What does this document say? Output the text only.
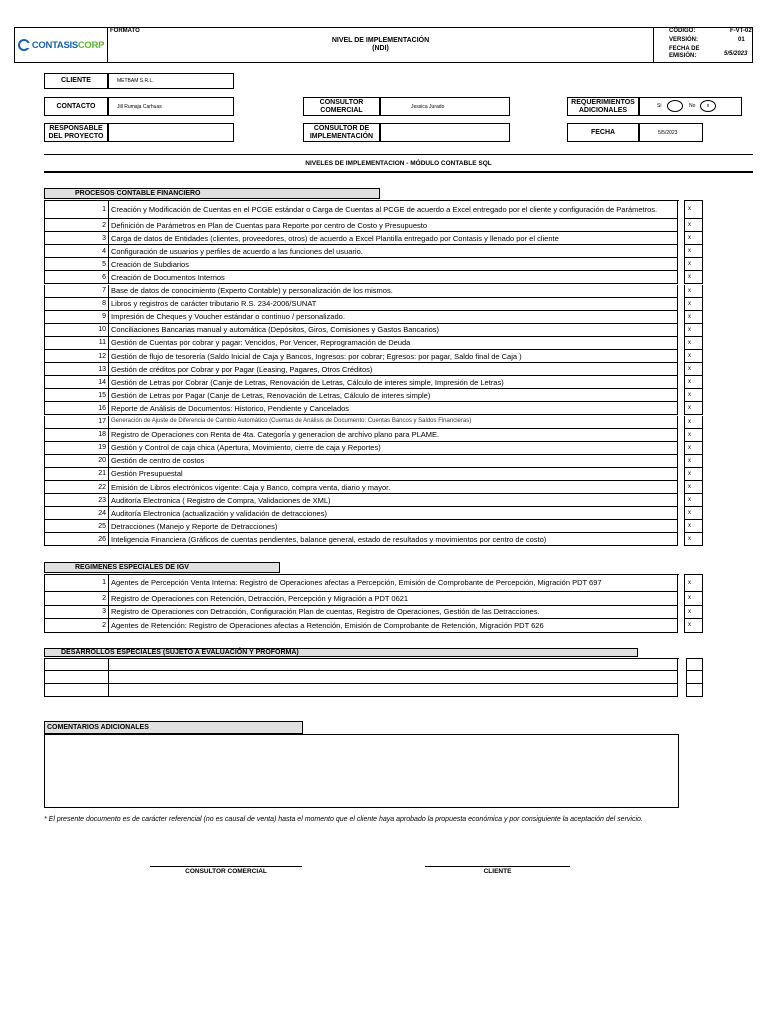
CONTASISCORP
FORMATO
NIVEL DE IMPLEMENTACIÓN
(NDI)
CÓDIGO:	F-VT-02
VERSIÓN:	01
FECHA DE EMISIÓN:	5/5/2023
CLIENTE	METBAM S.R.L.
CONTACTO	Jill Rumaja Carhuas
RESPONSABLE DEL PROYECTO
CONSULTOR COMERCIAL	Jessica Jurado
CONSULTOR DE IMPLEMENTACIÓN
REQUERIMIENTOS ADICIONALES
Si	No x
FECHA	5/5/2023
NIVELES DE IMPLEMENTACION - MÓDULO CONTABLE SQL
PROCESOS CONTABLE FINANCIERO
1 Creación y Modificación de Cuentas en el PCGE estándar o Carga de Cuentas al PCGE de acuerdo a Excel entregado por el cliente y configuración de Parámetros.	x
2 Definición de Parámetros en Plan de Cuentas para Reporte por centro de Costo y Presupuesto	x
3 Carga de datos de Entidades (clientes, proveedores, otros) de acuerdo a Excel Plantilla entregado por Contasis y llenado por el cliente	x
4 Configuración de usuarios y perfiles de acuerdo a las funciones del usuario.	x
5 Creación de Subdiarios	x
6 Creación de Documentos Internos	x
7 Base de datos de conocimiento (Experto Contable) y personalización de los mismos.	x
8 Libros y registros de carácter tributario R.S. 234-2006/SUNAT	x
9 Impresión de Cheques y Voucher estándar o continuo / personalizado.	x
10 Conciliaciones Bancarias manual y automática (Depósitos, Giros, Comisiones y Gastos Bancarios)	x
11 Gestión de Cuentas por cobrar y pagar: Vencidos, Por Vencer, Reprogramación de Deuda	x
12 Gestión de flujo de tesorería (Saldo Inicial de Caja y Bancos, Ingresos: por cobrar; Egresos: por pagar, Saldo final de Caja )	x
13 Gestión de créditos por Cobrar y por Pagar (Leasing, Pagares, Otros Créditos)	x
14 Gestión de Letras por Cobrar (Canje de Letras, Renovación de Letras, Cálculo de interes simple, Impresión de Letras)	x
15 Gestión de Letras por Pagar (Canje de Letras, Renovación de Letras, Cálculo de interes simple)	x
16 Reporte de Análisis de Documentos: Historico, Pendiente y Cancelados	x
17 Generación de Ajuste de Diferencia de Cambio Automático (Cuentas de Análisis de Documento: Cuentas Bancos y Saldos Financieras)	x
18 Registro de Operaciones con Renta de 4ta. Categoría y generacion de archivo plano para PLAME.	x
19 Gestión y Control de caja chica (Apertura, Movimiento, cierre de caja y Reportes)	x
20 Gestión de centro de costos	x
21 Gestión Presupuestal	x
22 Emisión de Libros electrónicos vigente: Caja y Banco, compra venta, diario y mayor.	x
23 Auditoría Electronica ( Registro de Compra, Validaciones de XML)	x
24 Auditoría Electronica (actualización y validación de detracciones)	x
25 Detracciones (Manejo y Reporte de Detracciones)	x
26 Inteligencia Financiera (Gráficos de cuentas pendientes, balance general, estado de resultados y movimientos por centro de costo)	x
REGIMENES ESPECIALES DE IGV
1 Agentes de Percepción Venta Interna: Registro de Operaciones afectas a Percepción, Emisión de Comprobante de Percepción, Migración PDT 697	x
2 Registro de Operaciones con Retención, Detracción, Percepción y Migración a PDT 0621	x
3 Registro de Operaciones con Detracción, Configuración Plan de cuentas, Registro de Operaciones, Gestión de las Detracciones.	x
2 Agentes de Retención: Registro de Operaciones afectas a Retención, Emisión de Comprobante de Retención, Migración PDT 626	x
DESARROLLOS ESPECIALES (SUJETO A EVALUACIÓN Y PROFORMA)
COMENTARIOS ADICIONALES
* El presente documento es de carácter referencial (no es causal de venta) hasta el momento que el cliente haya aprobado la propuesta económica y por consiguiente la aceptación del servicio.
CONSULTOR COMERCIAL	CLIENTE
